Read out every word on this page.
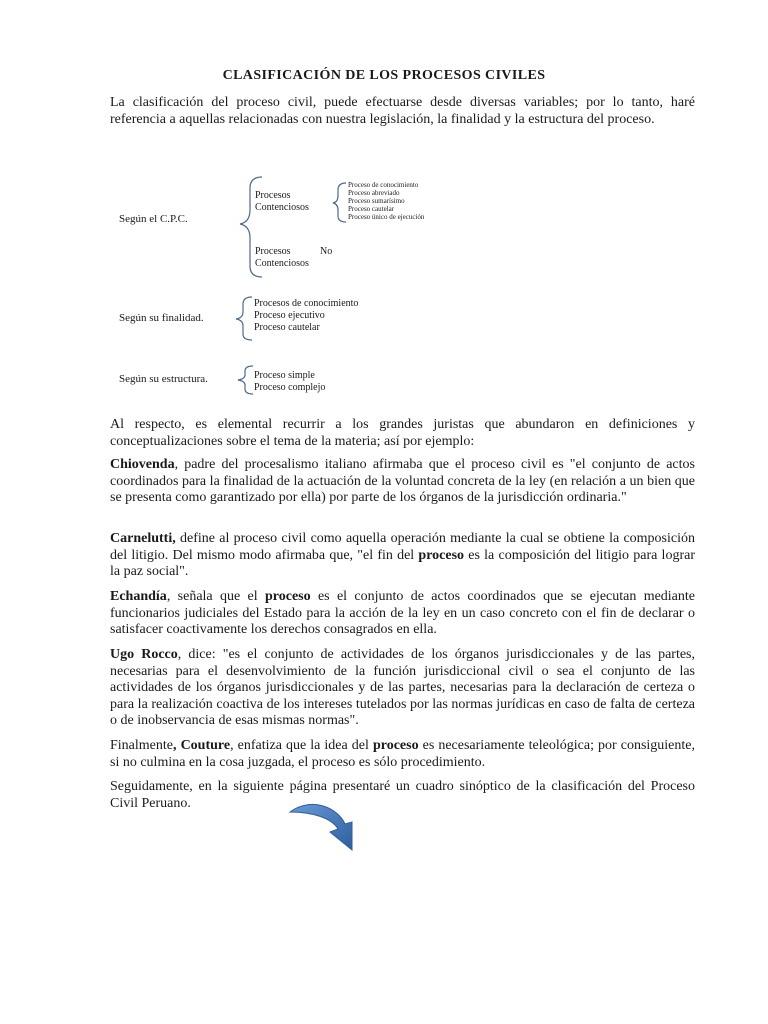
CLASIFICACIÓN DE LOS PROCESOS CIVILES
La clasificación del proceso civil, puede efectuarse desde diversas variables; por lo tanto, haré referencia a aquellas relacionadas con nuestra legislación, la finalidad y la estructura del proceso.
Según el C.P.C.
Procesos Contenciosos
Proceso de conocimiento
Proceso abreviado
Proceso sumarísimo
Proceso cautelar
Proceso único de ejecución
Procesos	No
Contenciosos
Según su finalidad.
Procesos de conocimiento
Proceso ejecutivo
Proceso cautelar
Según su estructura.	Proceso simple
Proceso complejo
Al respecto, es elemental recurrir a los grandes juristas que abundaron en definiciones y conceptualizaciones sobre el tema de la materia; así por ejemplo:
Chiovenda, padre del procesalismo italiano afirmaba que el proceso civil es "el conjunto de actos coordinados para la finalidad de la actuación de la voluntad concreta de la ley (en relación a un bien que se presenta como garantizado por ella) por parte de los órganos de la jurisdicción ordinaria."
Carnelutti, define al proceso civil como aquella operación mediante la cual se obtiene la composición del litigio. Del mismo modo afirmaba que, "el fin del proceso es la composición del litigio para lograr la paz social".
Echandía, señala que el proceso es el conjunto de actos coordinados que se ejecutan mediante funcionarios judiciales del Estado para la acción de la ley en un caso concreto con el fin de declarar o satisfacer coactivamente los derechos consagrados en ella.
Ugo Rocco, dice: "es el conjunto de actividades de los órganos jurisdiccionales y de las partes, necesarias para el desenvolvimiento de la función jurisdiccional civil o sea el conjunto de las actividades de los órganos jurisdiccionales y de las partes, necesarias para la declaración de certeza o para la realización coactiva de los intereses tutelados por las normas jurídicas en caso de falta de certeza o de inobservancia de esas mismas normas".
Finalmente, Couture, enfatiza que la idea del proceso es necesariamente teleológica; por consiguiente, si no culmina en la cosa juzgada, el proceso es sólo procedimiento.
Seguidamente, en la siguiente página presentaré un cuadro sinóptico de la clasificación del Proceso Civil Peruano.
